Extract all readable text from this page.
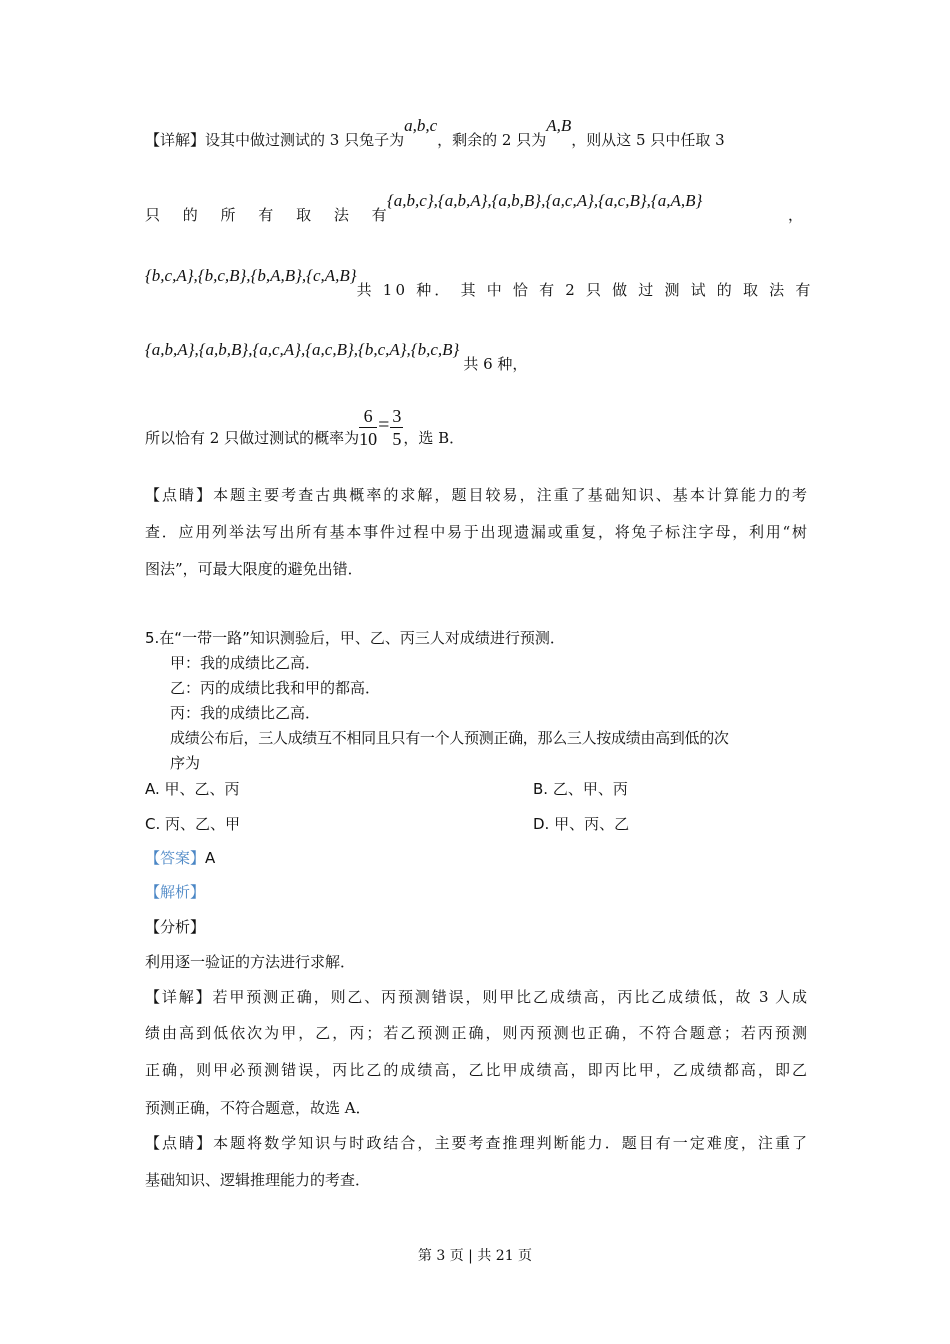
【详解】设其中做过测试的 3 只兔子为a,b,c，剩余的 2 只为A,B，则从这 5 只中任取 3
只 的 所 有 取 法 有
{a,b,c},{a,b,A},{a,b,B},{a,c,A},{a,c,B},{a,A,B}
，
{b,c,A},{b,c,B},{b,A,B},{c,A,B}共 10 种． 其 中 恰 有 2 只 做 过 测 试 的 取 法 有
{a,b,A},{a,b,B},{a,c,A},{a,c,B},{b,c,A},{b,c,B}共 6 种，
所以恰有 2 只做过测试的概率为 $\frac{6}{10} = \frac{3}{5}$ ，选 B．
【点睛】本题主要考查古典概率的求解，题目较易，注重了基础知识、基本计算能力的考
查．应用列举法写出所有基本事件过程中易于出现遗漏或重复，将兔子标注字母，利用“树
图法”，可最大限度的避免出错．
5.在“一带一路”知识测验后，甲、乙、丙三人对成绩进行预测．
甲：我的成绩比乙高．
乙：丙的成绩比我和甲的都高．
丙：我的成绩比乙高．
成绩公布后，三人成绩互不相同且只有一个人预测正确，那么三人按成绩由高到低的次
序为
A. 甲、乙、丙	B. 乙、甲、丙
C. 丙、乙、甲	D. 甲、丙、乙
【答案】A
【解析】
【分析】
利用逐一验证的方法进行求解．
【详解】若甲预测正确，则乙、丙预测错误，则甲比乙成绩高，丙比乙成绩低，故 3 人成
绩由高到低依次为甲，乙，丙；若乙预测正确，则丙预测也正确，不符合题意；若丙预测
正确，则甲必预测错误，丙比乙的成绩高，乙比甲成绩高，即丙比甲，乙成绩都高，即乙
预测正确，不符合题意，故选 A．
【点睛】本题将数学知识与时政结合，主要考查推理判断能力．题目有一定难度，注重了
基础知识、逻辑推理能力的考查．
第 3 页 | 共 21 页
